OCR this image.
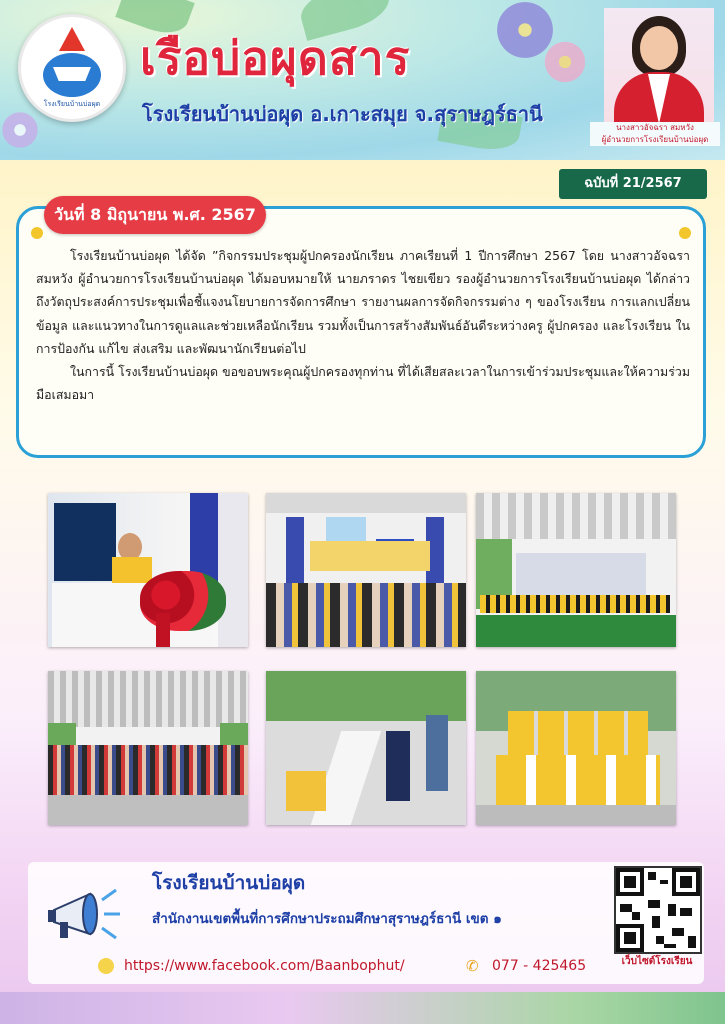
โรงเรียนบ้านบ่อผุด
เรือบ่อผุดสาร
โรงเรียนบ้านบ่อผุด อ.เกาะสมุย จ.สุราษฎร์ธานี
นางสาวอัจฉรา สมหวัง
ผู้อำนวยการโรงเรียนบ้านบ่อผุด
ฉบับที่ 21/2567
วันที่ 8 มิถุนายน พ.ศ. 2567

โรงเรียนบ้านบ่อผุด ได้จัด ”กิจกรรมประชุมผู้ปกครองนักเรียน ภาคเรียนที่ 1 ปีการศึกษา 2567 โดย นางสาวอัจฉรา สมหวัง ผู้อำนวยการโรงเรียนบ้านบ่อผุด ได้มอบหมายให้ นายภราดร ไชยเขียว รองผู้อำนวยการโรงเรียนบ้านบ่อผุด ได้กล่าวถึงวัตถุประสงค์การประชุมเพื่อชี้แจงนโยบายการจัดการศึกษา รายงานผลการจัดกิจกรรมต่าง ๆ ของโรงเรียน การแลกเปลี่ยนข้อมูล และแนวทางในการดูแลและช่วยเหลือนักเรียน รวมทั้งเป็นการสร้างสัมพันธ์อันดีระหว่างครู ผู้ปกครอง และโรงเรียน ในการป้องกัน แก้ไข ส่งเสริม และพัฒนานักเรียนต่อไป

ในการนี้ โรงเรียนบ้านบ่อผุด ขอขอบพระคุณผู้ปกครองทุกท่าน ที่ได้เสียสละเวลาในการเข้าร่วมประชุมและให้ความร่วมมือเสมอมา

โรงเรียนบ้านบ่อผุด

สำนักงานเขตพื้นที่การศึกษาประถมศึกษาสุราษฎร์ธานี เขต ๑

https://www.facebook.com/Baanbophut/	✆ 077 - 425465	เว็บไซต์โรงเรียน
